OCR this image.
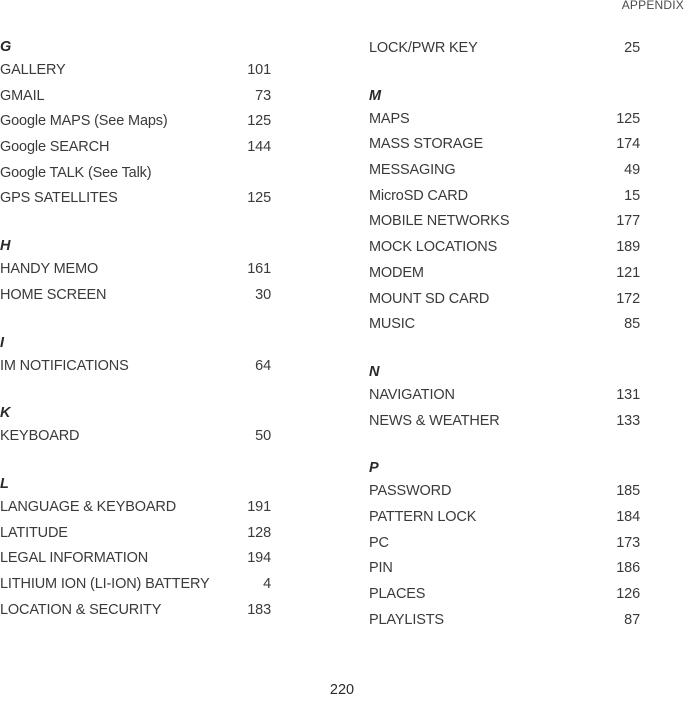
APPENDIX
G
GALLERY	101
GMAIL	73
Google MAPS (See Maps)	125
Google SEARCH	144
Google TALK (See Talk)
GPS SATELLITES	125
H
HANDY MEMO	161
HOME SCREEN	30
I
IM NOTIFICATIONS	64
K
KEYBOARD	50
L
LANGUAGE & KEYBOARD	191
LATITUDE	128
LEGAL INFORMATION	194
LITHIUM ION (LI-ION) BATTERY	4
LOCATION & SECURITY	183
LOCK/PWR KEY	25
M
MAPS	125
MASS STORAGE	174
MESSAGING	49
MicroSD CARD	15
MOBILE NETWORKS	177
MOCK LOCATIONS	189
MODEM	121
MOUNT SD CARD	172
MUSIC	85
N
NAVIGATION	131
NEWS & WEATHER	133
P
PASSWORD	185
PATTERN LOCK	184
PC	173
PIN	186
PLACES	126
PLAYLISTS	87
220
